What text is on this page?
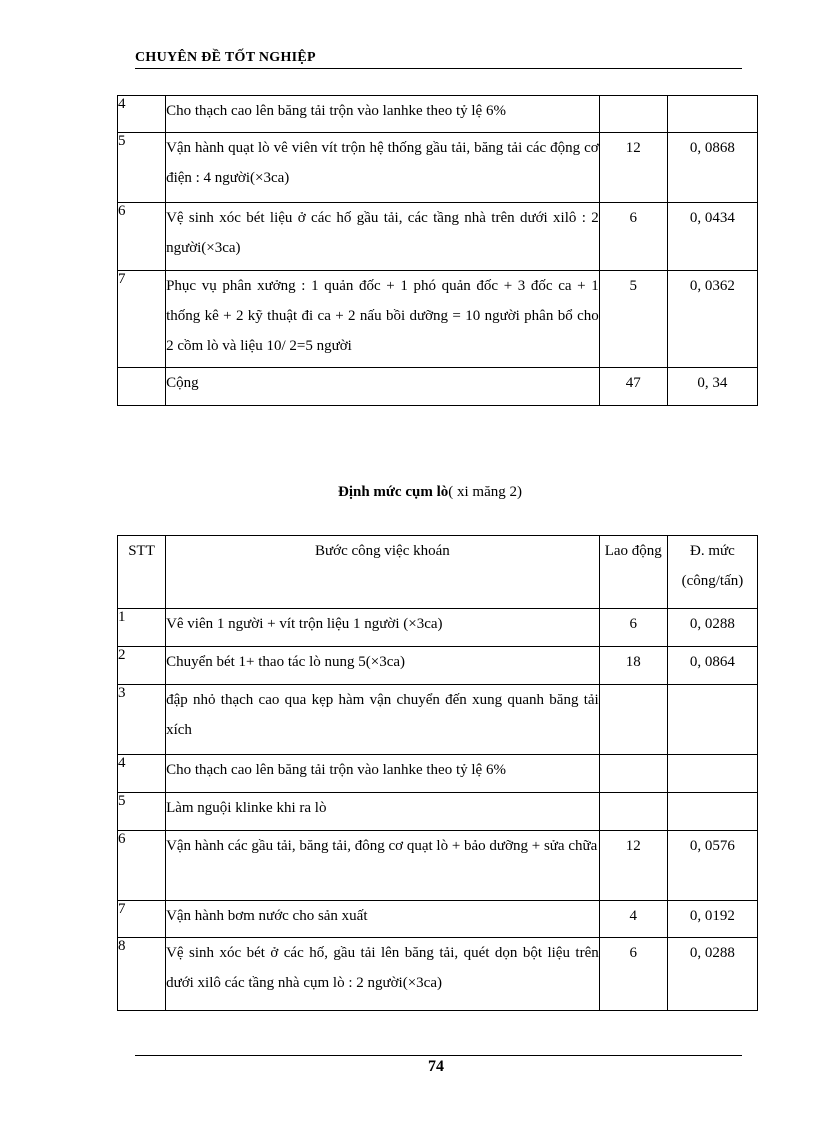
CHUYÊN ĐỀ TỐT NGHIỆP
4	Cho thạch cao lên băng tải trộn vào lanhke theo tỷ lệ 6%		
5	Vận hành quạt lò vê viên vít trộn hệ thống gầu tải, băng tải các động cơ điện : 4 người(×3ca)	12	0, 0868
6	Vệ sinh xóc bét liệu ở các hố gầu tải, các tầng nhà trên dưới xilô : 2 người(×3ca)	6	0, 0434
7	Phục vụ phân xưởng : 1 quản đốc + 1 phó quản đốc + 3 đốc ca + 1 thống kê + 2 kỹ thuật đi ca + 2 nấu bồi dưỡng = 10 người phân bổ cho 2 cồm lò và liệu 10/ 2=5 người	5	0, 0362
	Cộng	47	0, 34
Định mức cụm lò( xi măng 2)
STT	Bước công việc khoán	Lao động	Đ. mức (công/tấn)
1	Vê viên 1 người + vít trộn liệu 1 người (×3ca)	6	0, 0288
2	Chuyển bét 1+ thao tác lò nung 5(×3ca)	18	0, 0864
3	đập nhỏ thạch cao qua kẹp hàm vận chuyển đến xung quanh băng tải xích		
4	Cho thạch cao lên băng tải trộn vào lanhke theo tỷ lệ 6%		
5	Làm nguội klinke khi ra lò		
6	Vận hành các gầu tải, băng tải, đông cơ quạt lò + bảo dưỡng + sửa chữa	12	0, 0576
7	Vận hành bơm nước cho sản xuất	4	0, 0192
8	Vệ sinh xóc bét ở các hố, gầu tải lên băng tải, quét dọn bột liệu trên dưới xilô các tầng nhà cụm lò : 2 người(×3ca)	6	0, 0288
74
